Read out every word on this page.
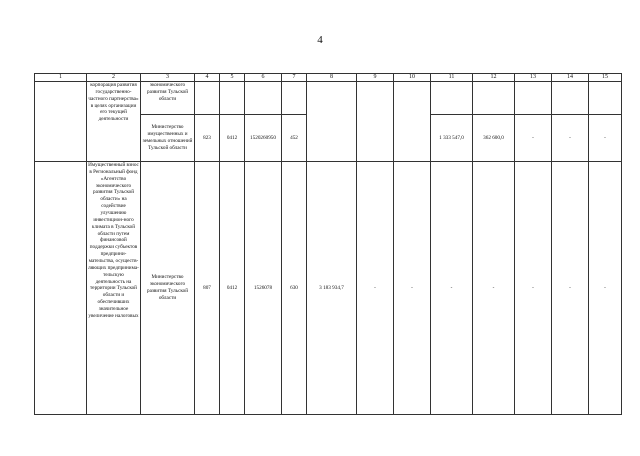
4
1	2	3	4	5	6	7	8	9	10	11	12	13	14	15
	корпорация развития государственно-частного партнерства» в целях организации его текущей деятельности	экономического развития Тульской области												
		Министерство имущественных и земельных отношений Тульской области	823	0412	1520260950	452				1 333 547,0	362 600,0	-	-	-
	Имущественный взнос в Региональный фонд «Агентство экономического развития Тульской области» на содействие улучшению инвестицион-ного климата в Тульской области путем финансовой поддержки субъектов предприни-мательства, осуществ-ляющих предпринима-тельскую деятельность на территории Тульской области и обеспечивших значительное увеличение налоговых	Министерство экономического развития Тульской области	807	0412	1526078	630	3 183 934,7	-	-	-	-	-	-	-
